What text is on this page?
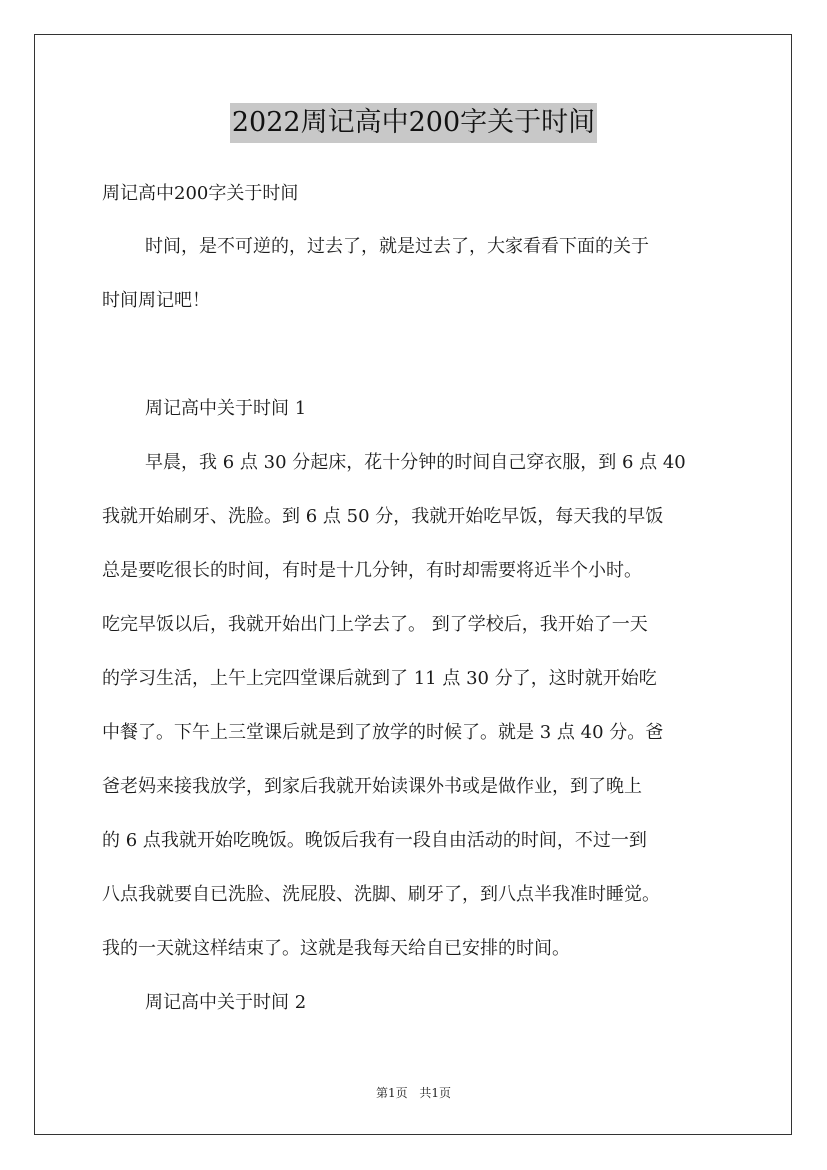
2022周记高中200字关于时间
周记高中200字关于时间
时间，是不可逆的，过去了，就是过去了，大家看看下面的关于
时间周记吧！
周记高中关于时间 1
早晨，我 6 点 30 分起床，花十分钟的时间自己穿衣服，到 6 点 40
我就开始刷牙、洗脸。到 6 点 50 分，我就开始吃早饭，每天我的早饭
总是要吃很长的时间，有时是十几分钟，有时却需要将近半个小时。
吃完早饭以后，我就开始出门上学去了。 到了学校后，我开始了一天
的学习生活，上午上完四堂课后就到了 11 点 30 分了，这时就开始吃
中餐了。下午上三堂课后就是到了放学的时候了。就是 3 点 40 分。爸
爸老妈来接我放学，到家后我就开始读课外书或是做作业，到了晚上
的 6 点我就开始吃晚饭。晚饭后我有一段自由活动的时间，不过一到
八点我就要自已洗脸、洗屁股、洗脚、刷牙了，到八点半我准时睡觉。
我的一天就这样结束了。这就是我每天给自已安排的时间。
周记高中关于时间 2
第1页 共1页
